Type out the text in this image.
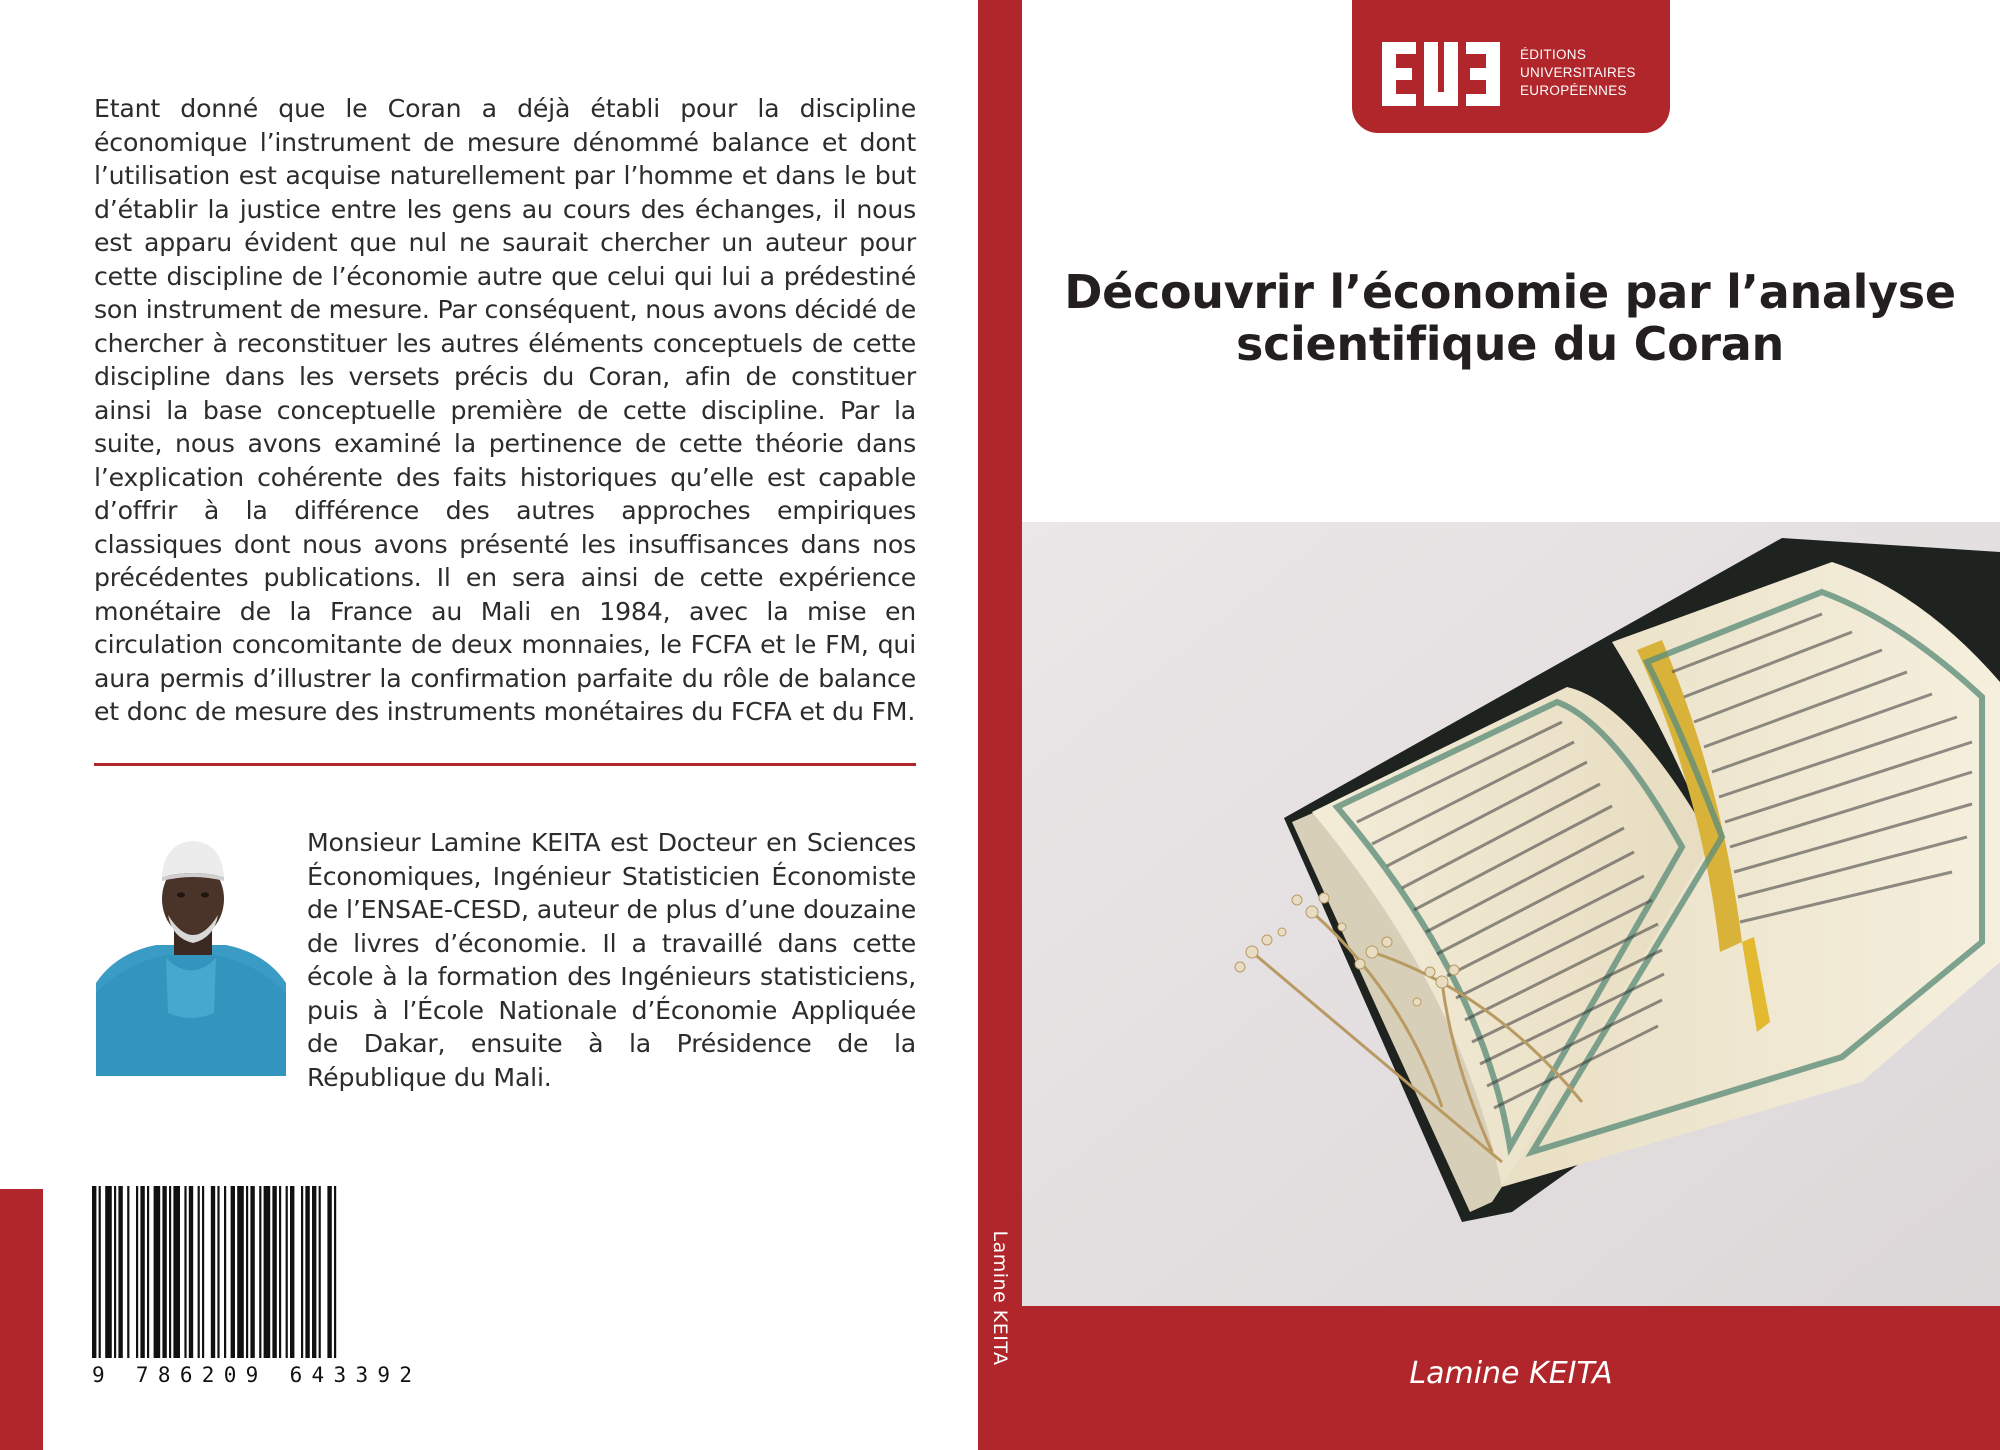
Etant donné que le Coran a déjà établi pour la discipline économique l’instrument de mesure dénommé balance et dont l’utilisation est acquise naturellement par l’homme et dans le but d’établir la justice entre les gens au cours des échanges, il nous est apparu évident que nul ne saurait chercher un auteur pour cette discipline de l’économie autre que celui qui lui a prédestiné son instrument de mesure. Par conséquent, nous avons décidé de chercher à reconstituer les autres éléments conceptuels de cette discipline dans les versets précis du Coran, afin de constituer ainsi la base conceptuelle première de cette discipline. Par la suite, nous avons examiné la pertinence de cette théorie dans l’explication cohérente des faits historiques qu’elle est capable d’offrir à la différence des autres approches empiriques classiques dont nous avons présenté les insuffisances dans nos précédentes publications. Il en sera ainsi de cette expérience monétaire de la France au Mali en 1984, avec la mise en circulation concomitante de deux monnaies, le FCFA et le FM, qui aura permis d’illustrer la confirmation parfaite du rôle de balance et donc de mesure des instruments monétaires du FCFA et du FM.

Monsieur Lamine KEITA est Docteur en Sciences Économiques, Ingénieur Statisticien Économiste de l’ENSAE-CESD, auteur de plus d’une douzaine de livres d’économie. Il a travaillé dans cette école à la formation des Ingénieurs statisticiens, puis à l’École Nationale d’Économie Appliquée de Dakar, ensuite à la Présidence de la République du Mali.

9 786209 643392
Lamine KEITA
ÉDITIONS
UNIVERSITAIRES
EUROPÉENNES
Découvrir l’économie par l’analyse
scientifique du Coran
Lamine KEITA
